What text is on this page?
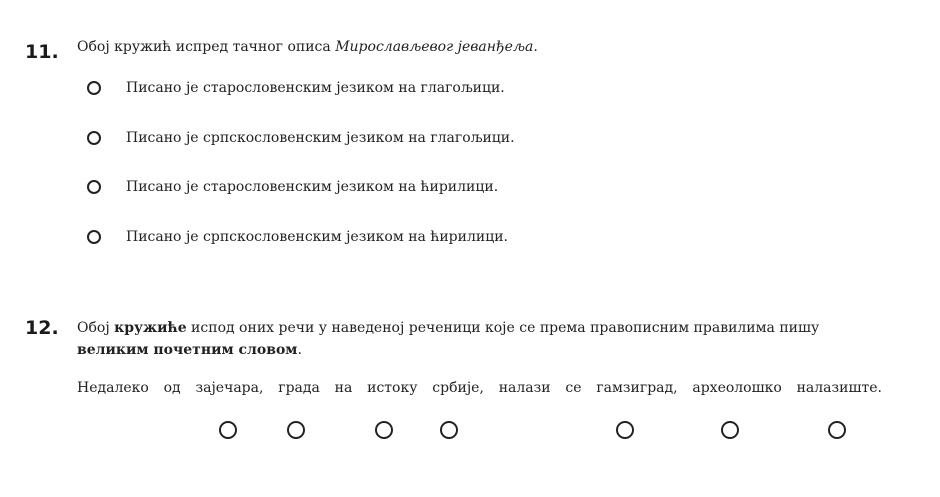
11. Обој кружић испред тачног описа Мирослављевог јеванђеља.
Писано је старословенским језиком на глагољици.
Писано је српскословенским језиком на глагољици.
Писано је старословенским језиком на ћирилици.
Писано је српскословенским језиком на ћирилици.
12. Обој кружиће испод оних речи у наведеној реченици које се према правописним правилима пишу
великим почетним словом.
Недалеко од зајечара, града на истоку србије, налази се гамзиград, археолошко налазиште.
